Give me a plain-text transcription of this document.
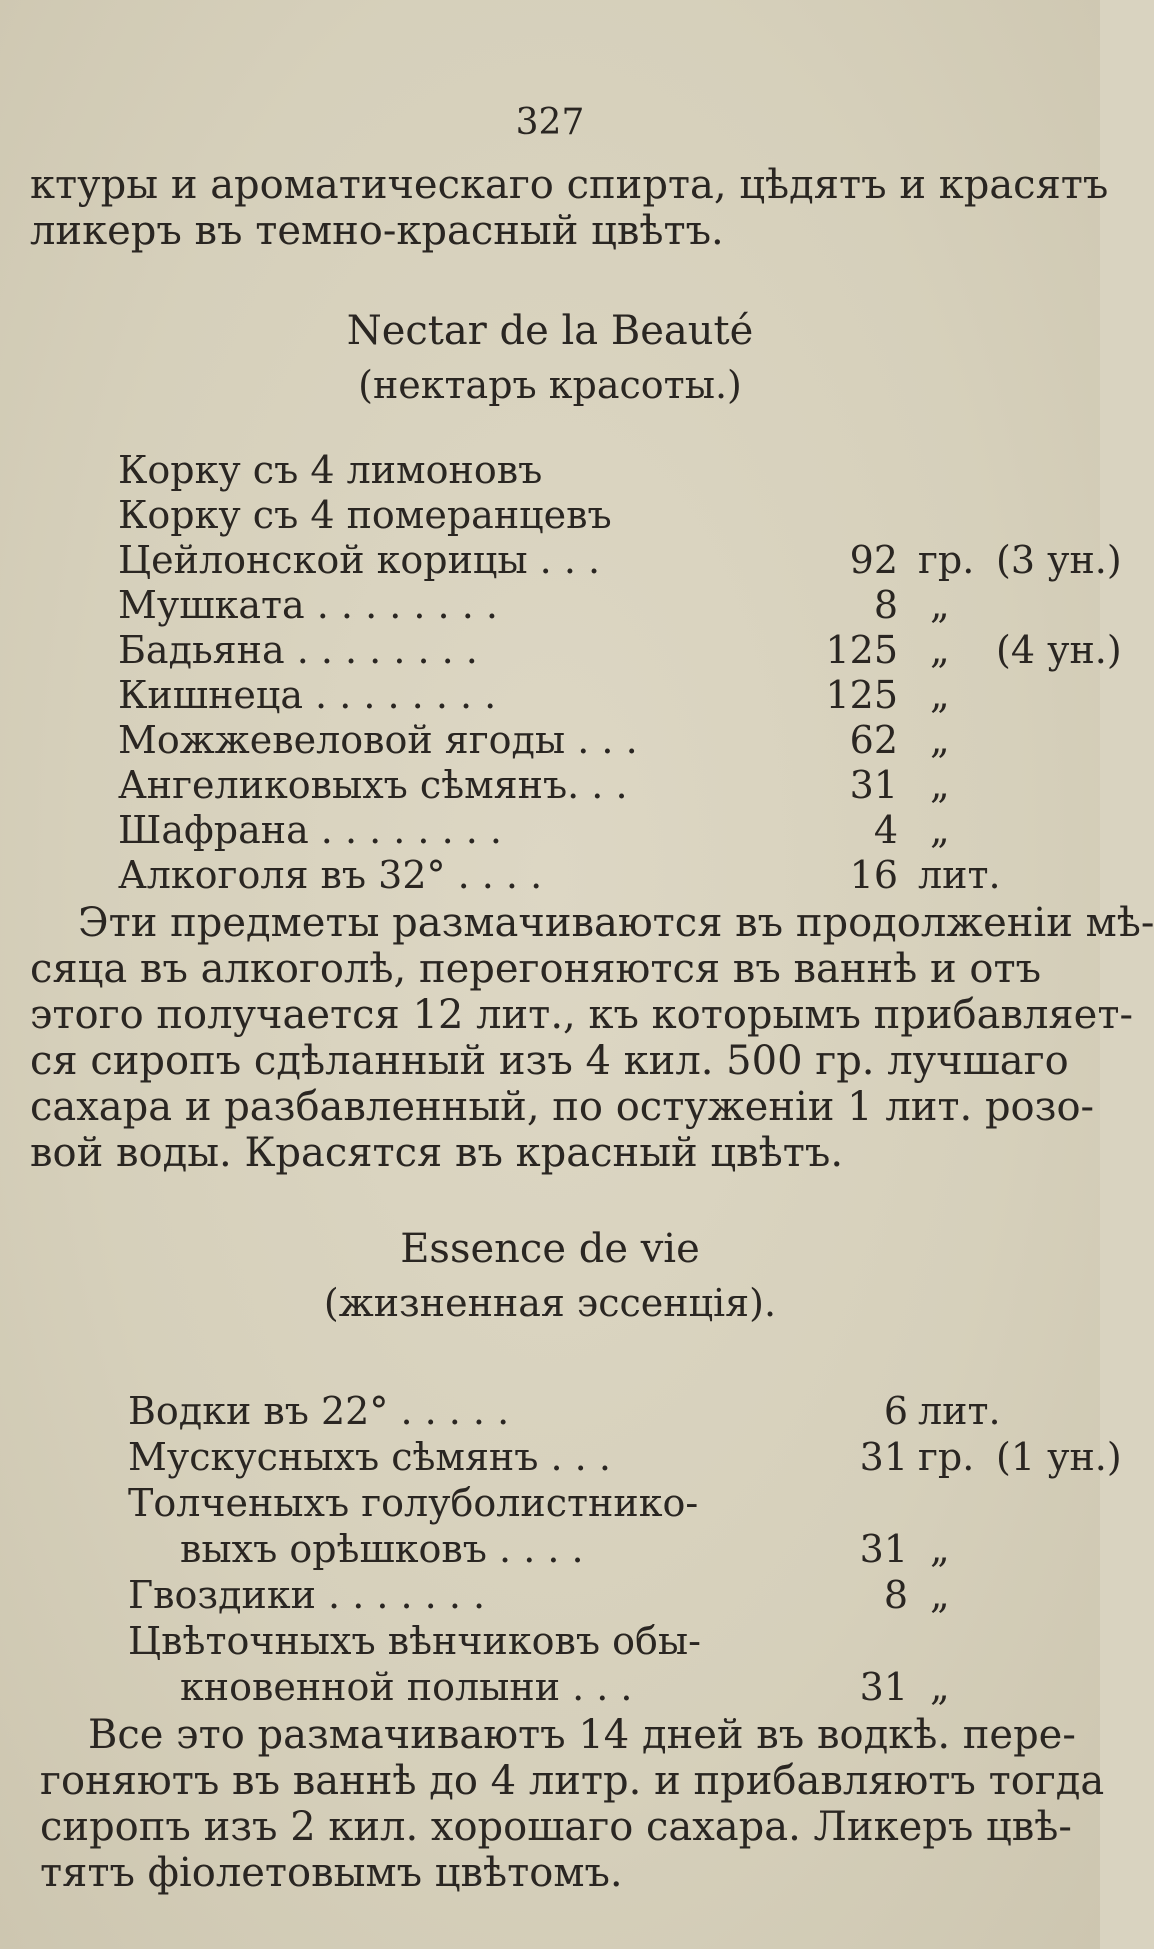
327
ктуры и ароматическаго спирта, цѣдятъ и красятъ
ликеръ въ темно-красный цвѣтъ.
Nectar de la Beauté
(нектаръ красоты.)
Корку съ 4 лимоновъ
Корку съ 4 померанцевъ
Цейлонской корицы . . .	92 гр. (3 ун.)
Мушката . . . . . . . .	8 „
Бадьяна . . . . . . . .	125 „ (4 ун.)
Кишнеца . . . . . . . .	125 „
Можжевеловой ягоды . . .	62 „
Ангеликовыхъ сѣмянъ. . .	31 „
Шафрана . . . . . . . .	4 „
Алкоголя въ 32° . . . .	16 лит.
Эти предметы размачиваются въ продолженіи мѣ-
сяца въ алкоголѣ, перегоняются въ ваннѣ и отъ
этого получается 12 лит., къ которымъ прибавляет-
ся сиропъ сдѣланный изъ 4 кил. 500 гр. лучшаго
сахара и разбавленный, по остуженіи 1 лит. розо-
вой воды. Красятся въ красный цвѣтъ.
Essence de vie
(жизненная эссенція).
Водки въ 22° . . . . .	6 лит.
Мускусныхъ сѣмянъ . . .	31 гр. (1 ун.)
Толченыхъ голуболистнико-
выхъ орѣшковъ . . . .	31 „
Гвоздики . . . . . . .	8 „
Цвѣточныхъ вѣнчиковъ обы-
кновенной полыни . . .	31 „
Все это размачиваютъ 14 дней въ водкѣ. пере-
гоняютъ въ ваннѣ до 4 литр. и прибавляютъ тогда
сиропъ изъ 2 кил. хорошаго сахара. Ликеръ цвѣ-
тятъ фіолетовымъ цвѣтомъ.
